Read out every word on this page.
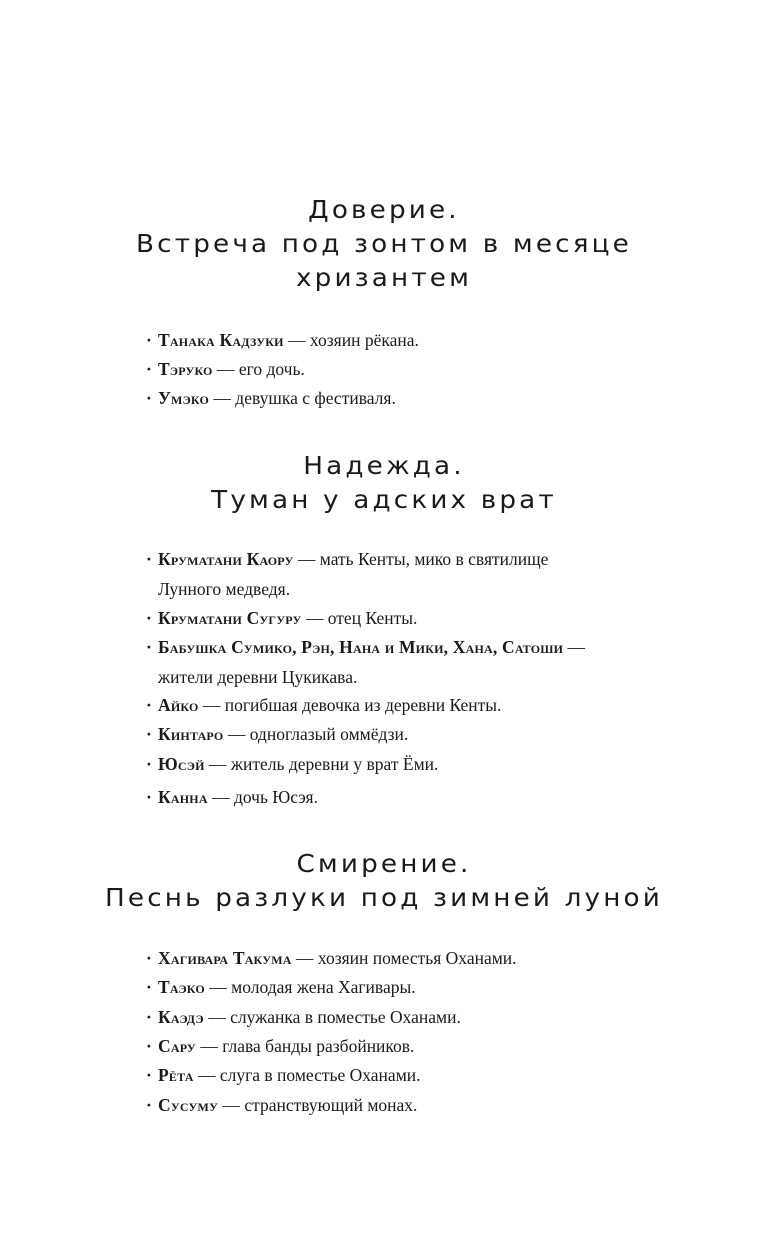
Доверие.
Встреча под зонтом в месяце
хризантем
· Танака Кадзуки — хозяин рёкана.
· Тэруко — его дочь.
· Умэко — девушка с фестиваля.
Надежда.
Туман у адских врат
· Круматани Каору — мать Кенты, мико в святилище
Лунного медведя.
· Круматани Сугуру — отец Кенты.
· Бабушка Сумико, Рэн, Нана и Мики, Хана, Сатоши —
жители деревни Цукикава.
· Айко — погибшая девочка из деревни Кенты.
· Кинтаро — одноглазый оммёдзи.
· Юсэй — житель деревни у врат Ёми.
· Канна — дочь Юсэя.
Смирение.
Песнь разлуки под зимней луной
· Хагивара Такума — хозяин поместья Оханами.
· Таэко — молодая жена Хагивары.
· Каэдэ — служанка в поместье Оханами.
· Сару — глава банды разбойников.
· Рёта — слуга в поместье Оханами.
· Сусуму — странствующий монах.
